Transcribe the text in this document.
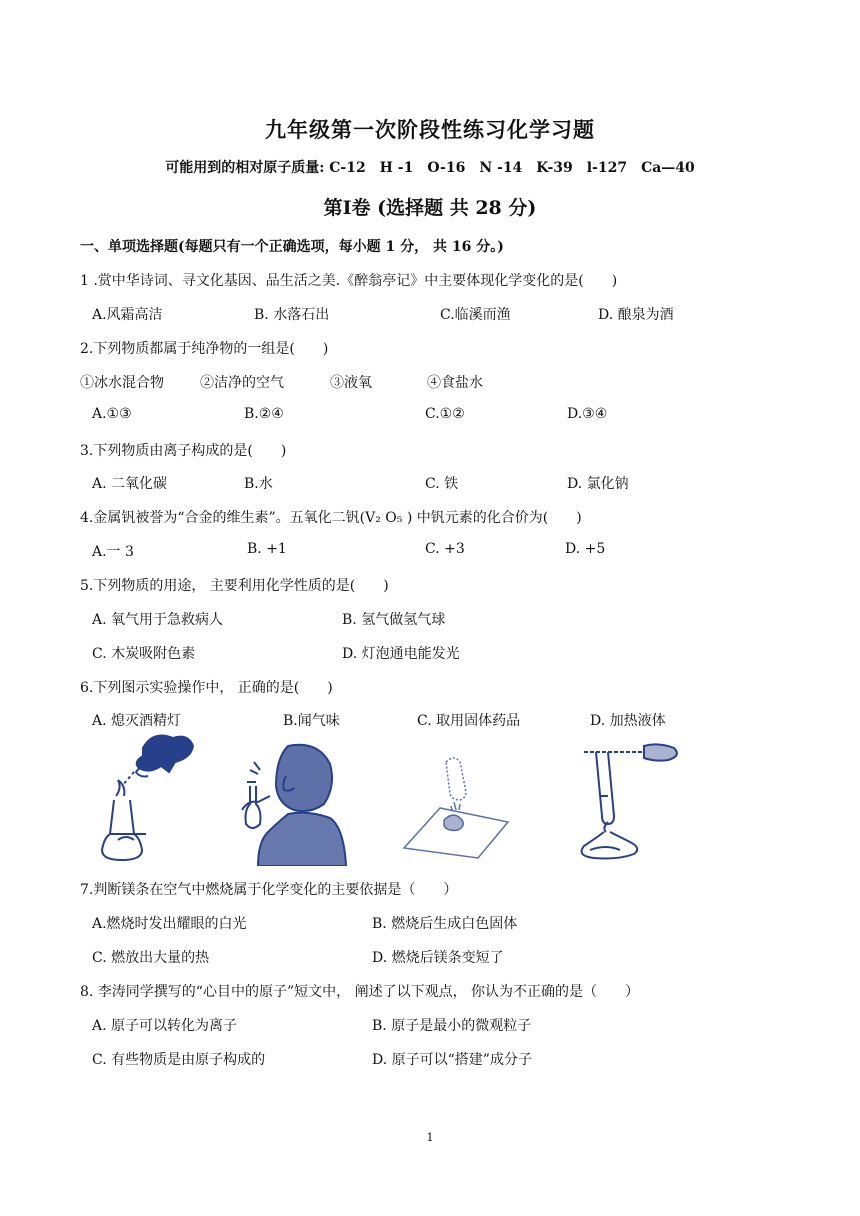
九年级第一次阶段性练习化学习题
可能用到的相对原子质量: C-12　H -1　O-16　N -14　K-39　l-127　Ca—40
第Ⅰ卷 (选择题 共 28 分)
一、单项选择题(每题只有一个正确选项，每小题 1 分， 共 16 分。)
1 .赏中华诗词、寻文化基因、品生活之美.《醉翁亭记》中主要体现化学变化的是(　　)
A.风霜高洁	B. 水落石出	C.临溪而渔	D. 酿泉为酒
2.下列物质都属于纯净物的一组是(　　)
①冰水混合物	②洁净的空气	③液氧	④食盐水
A.①③	B.②④	C.①②	D.③④
3.下列物质由离子构成的是(　　)
A. 二氧化碳	B.水	C. 铁	D. 氯化钠
4.金属钒被誉为“合金的维生素”。五氧化二钒(V₂ O₅ ) 中钒元素的化合价为(　　)
A.一 3	B. +1	C. +3	D. +5
5.下列物质的用途， 主要利用化学性质的是(　　)
A. 氧气用于急救病人	B. 氢气做氢气球
C. 木炭吸附色素	D. 灯泡通电能发光
6.下列图示实验操作中， 正确的是(　　)
A. 熄灭酒精灯	B.闻气味	C. 取用固体药品	D. 加热液体
7.判断镁条在空气中燃烧属于化学变化的主要依据是（　　）
A.燃烧时发出耀眼的白光	B. 燃烧后生成白色固体
C. 燃放出大量的热	D. 燃烧后镁条变短了
8. 李涛同学撰写的“心目中的原子”短文中， 阐述了以下观点， 你认为不正确的是（　　）
A. 原子可以转化为离子	B. 原子是最小的微观粒子
C. 有些物质是由原子构成的	D. 原子可以“搭建”成分子
1
